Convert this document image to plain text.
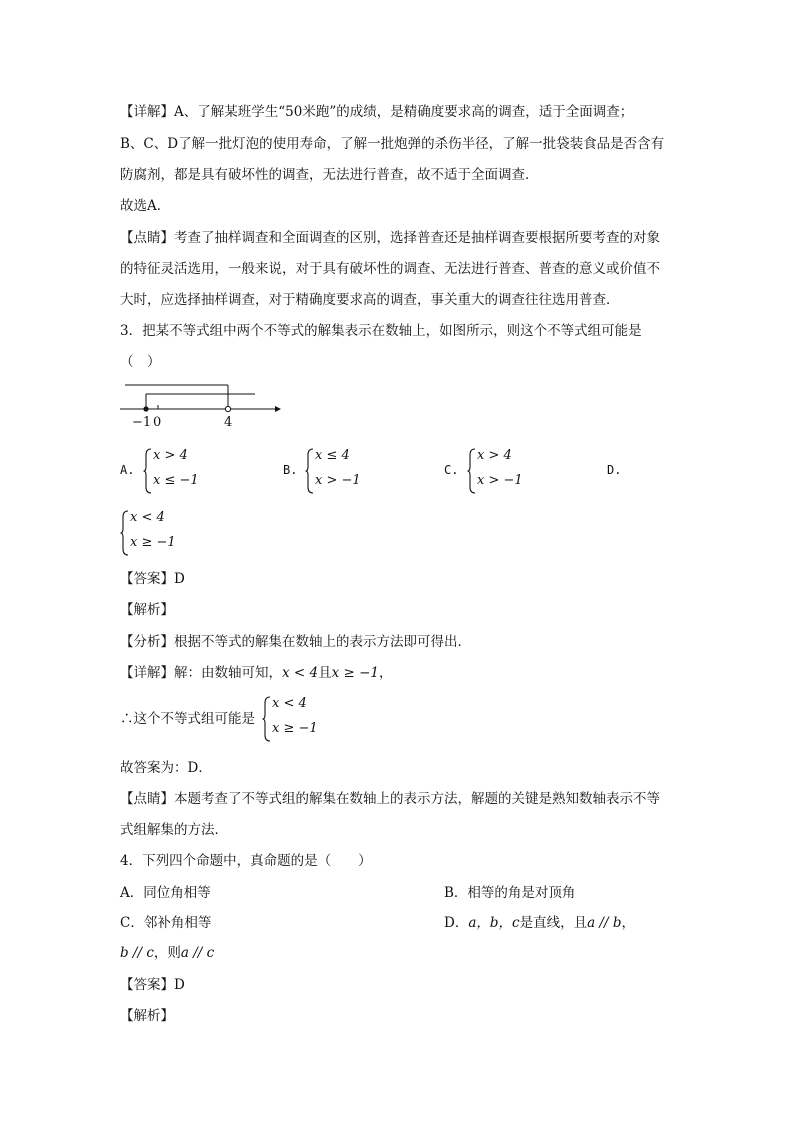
【详解】A、了解某班学生“50米跑”的成绩，是精确度要求高的调查，适于全面调查；
B、C、D了解一批灯泡的使用寿命，了解一批炮弹的杀伤半径，了解一批袋装食品是否含有
防腐剂，都是具有破坏性的调查，无法进行普查，故不适于全面调查．
故选A．
【点睛】考查了抽样调查和全面调查的区别，选择普查还是抽样调查要根据所要考查的对象
的特征灵活选用，一般来说，对于具有破坏性的调查、无法进行普查、普查的意义或价值不
大时，应选择抽样调查，对于精确度要求高的调查，事关重大的调查往往选用普查．
3．把某不等式组中两个不等式的解集表示在数轴上，如图所示，则这个不等式组可能是
（　）
−1 0	4
A.
x > 4
x ≤ −1
B.
x ≤ 4
x > −1
C.
x > 4
x > −1
D.
x < 4
x ≥ −1
【答案】D
【解析】
【分析】根据不等式的解集在数轴上的表示方法即可得出．
【详解】解：由数轴可知，x < 4且x ≥ −1，
∴这个不等式组可能是
x < 4
x ≥ −1
故答案为：D．
【点睛】本题考查了不等式组的解集在数轴上的表示方法，解题的关键是熟知数轴表示不等
式组解集的方法．
4．下列四个命题中，真命题的是（　　）
A．同位角相等	B．相等的角是对顶角
C．邻补角相等	D．a，b，c是直线，且a // b，
b // c，则a // c
【答案】D
【解析】
